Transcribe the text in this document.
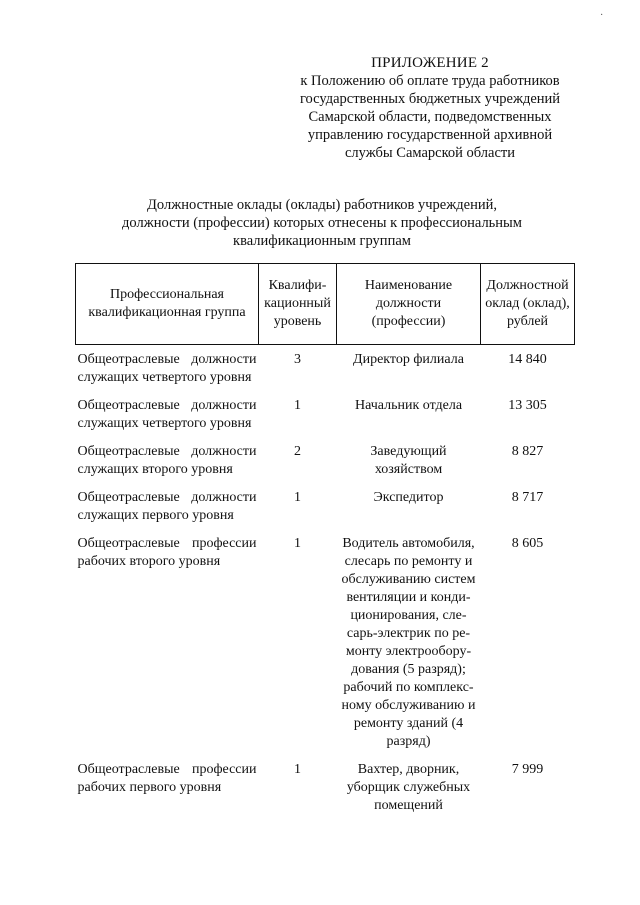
·
ПРИЛОЖЕНИЕ 2
к Положению об оплате труда работников
государственных бюджетных учреждений
Самарской области, подведомственных
управлению государственной архивной
службы Самарской области
Должностные оклады (оклады) работников учреждений,
должности (профессии) которых отнесены к профессиональным
квалификационным группам
Профессиональная квалификационная группа	Квалифи-кационный уровень	Наименование должности (профессии)	Должностной оклад (оклад), рублей
Общеотраслевые должности служащих четвертого уровня	3	Директор филиала	14 840
Общеотраслевые должности служащих четвертого уровня	1	Начальник отдела	13 305
Общеотраслевые должности служащих второго уровня	2	Заведующий хозяйством	8 827
Общеотраслевые должности служащих первого уровня	1	Экспедитор	8 717
Общеотраслевые профессии рабочих второго уровня	1	Водитель автомобиля, слесарь по ремонту и обслуживанию систем вентиляции и конди-ционирования, сле-сарь-электрик по ре-монту электрообору-дования (5 разряд); рабочий по комплекс-ному обслуживанию и ремонту зданий (4 разряд)	8 605
Общеотраслевые профессии рабочих первого уровня	1	Вахтер, дворник, уборщик служебных помещений	7 999
